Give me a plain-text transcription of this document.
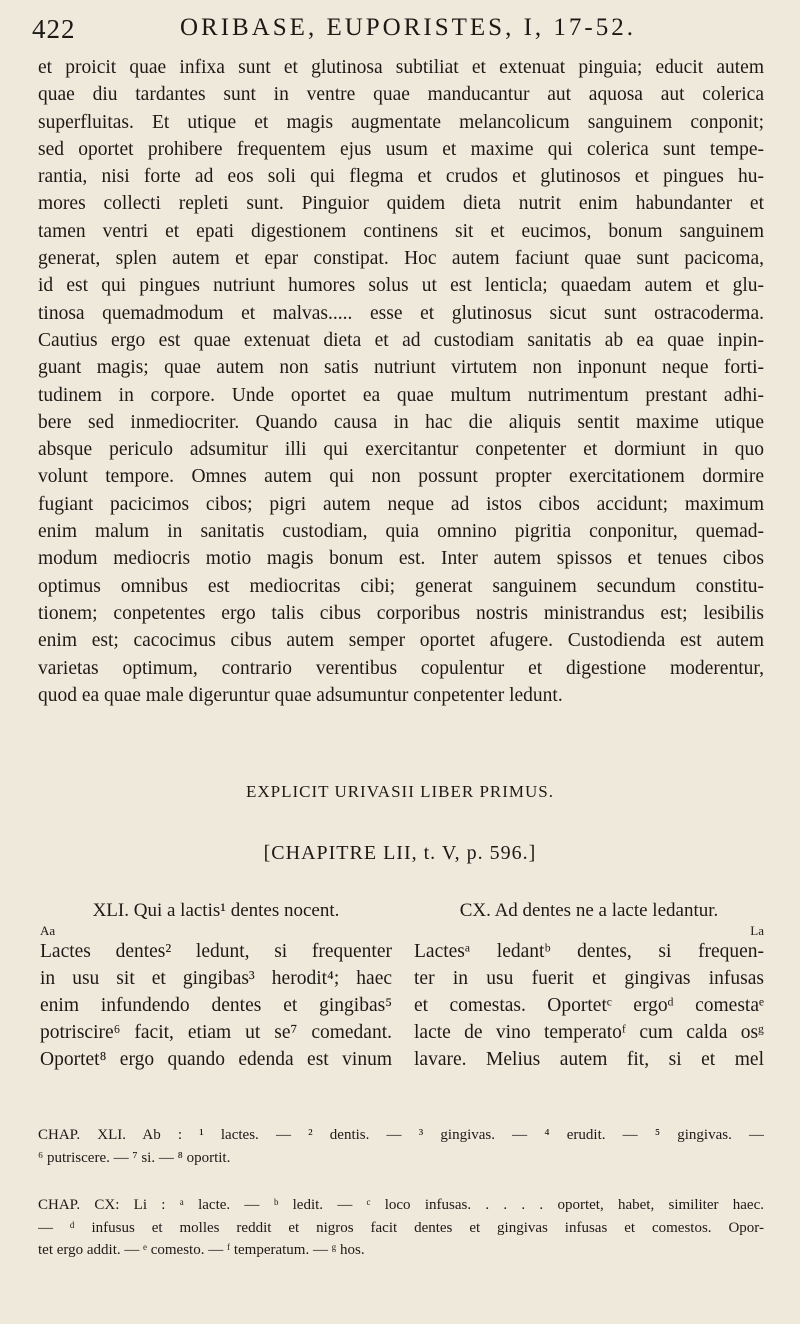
422	ORIBASE, EUPORISTES, I, 17-52.
et proicit quae infixa sunt et glutinosa subtiliat et extenuat pinguia; educit autem
quae diu tardantes sunt in ventre quae manducantur aut aquosa aut colerica
superfluitas. Et utique et magis augmentate melancolicum sanguinem conponit;
sed oportet prohibere frequentem ejus usum et maxime qui colerica sunt tempe-
rantia, nisi forte ad eos soli qui flegma et crudos et glutinosos et pingues hu-
mores collecti repleti sunt. Pinguior quidem dieta nutrit enim habundanter et
tamen ventri et epati digestionem continens sit et eucimos, bonum sanguinem
generat, splen autem et epar constipat. Hoc autem faciunt quae sunt pacicoma,
id est qui pingues nutriunt humores solus ut est lenticla; quaedam autem et glu-
tinosa quemadmodum et malvas..... esse et glutinosus sicut sunt ostracoderma.
Cautius ergo est quae extenuat dieta et ad custodiam sanitatis ab ea quae inpin-
guant magis; quae autem non satis nutriunt virtutem non inponunt neque forti-
tudinem in corpore. Unde oportet ea quae multum nutrimentum prestant adhi-
bere sed inmediocriter. Quando causa in hac die aliquis sentit maxime utique
absque periculo adsumitur illi qui exercitantur conpetenter et dormiunt in quo
volunt tempore. Omnes autem qui non possunt propter exercitationem dormire
fugiant pacicimos cibos; pigri autem neque ad istos cibos accidunt; maximum
enim malum in sanitatis custodiam, quia omnino pigritia conponitur, quemad-
modum mediocris motio magis bonum est. Inter autem spissos et tenues cibos
optimus omnibus est mediocritas cibi; generat sanguinem secundum constitu-
tionem; conpetentes ergo talis cibus corporibus nostris ministrandus est; lesibilis
enim est; cacocimus cibus autem semper oportet afugere. Custodienda est autem
varietas optimum, contrario verentibus copulentur et digestione moderentur,
quod ea quae male digeruntur quae adsumuntur conpetenter ledunt.
EXPLICIT URIVASII LIBER PRIMUS.
[CHAPITRE LII, t. V, p. 596.]
XLI. Qui a lactis¹ dentes nocent.
Aa
Lactes dentes² ledunt, si frequenter
in usu sit et gingibas³ herodit⁴; haec
enim infundendo dentes et gingibas⁵
potriscire⁶ facit, etiam ut se⁷ comedant.
Oportet⁸ ergo quando edenda est vinum
CX. Ad dentes ne a lacte ledantur.
La
Lactesᵃ ledantᵇ dentes, si frequen-
ter in usu fuerit et gingivas infusas
et comestas. Oportetᶜ ergoᵈ comestaᵉ
lacte de vino temperatoᶠ cum calda osᵍ
lavare. Melius autem fit, si et mel
CHAP. XLI. Ab : ¹ lactes. — ² dentis. — ³ gingivas. — ⁴ erudit. — ⁵ gingivas. —
⁶ putriscere. — ⁷ si. — ⁸ oportit.
CHAP. CX: Li : ᵃ lacte. — ᵇ ledit. — ᶜ loco infusas. . . . . oportet, habet, similiter haec.
— ᵈ infusus et molles reddit et nigros facit dentes et gingivas infusas et comestos. Opor-
tet ergo addit. — ᵉ comesto. — ᶠ temperatum. — ᵍ hos.
